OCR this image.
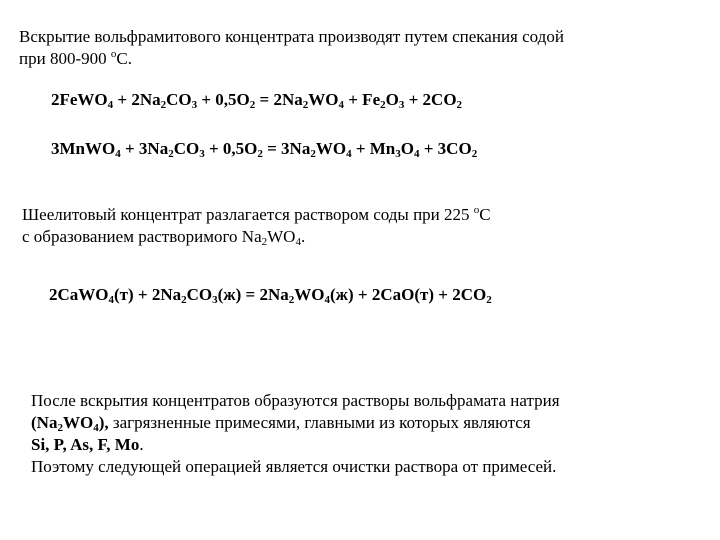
Вскрытие вольфрамитового концентрата производят путем спекания содой
при 800-900 $^о$С.
2FeWO$_4$ + $2Na_2CO_3 + 0,5O_2 = 2Na_2WO_4 + Fe_2O_3 + 2CO_2$
3MnWO$_4$ + $3Na_2CO_3 + 0,5O_2 = 3Na_2WO_4 + Mn_3O_4 + 3CO_2$
Шеелитовый концентрат разлагается раствором соды при 225 $^о$С
с образованием растворимого $Na_2WO_4$.
2CaWO$_4$(т) + $2Na_2CO_3(ж) = 2Na_2WO_4(ж) + 2CaO(т) + 2CO_2$
После вскрытия концентратов образуются растворы вольфрамата натрия
$(Na_2WO_4)$, загрязненные примесями, главными из которых являются
Si, P, As, F, Mo.
Поэтому следующей операцией является очистки раствора от примесей.
